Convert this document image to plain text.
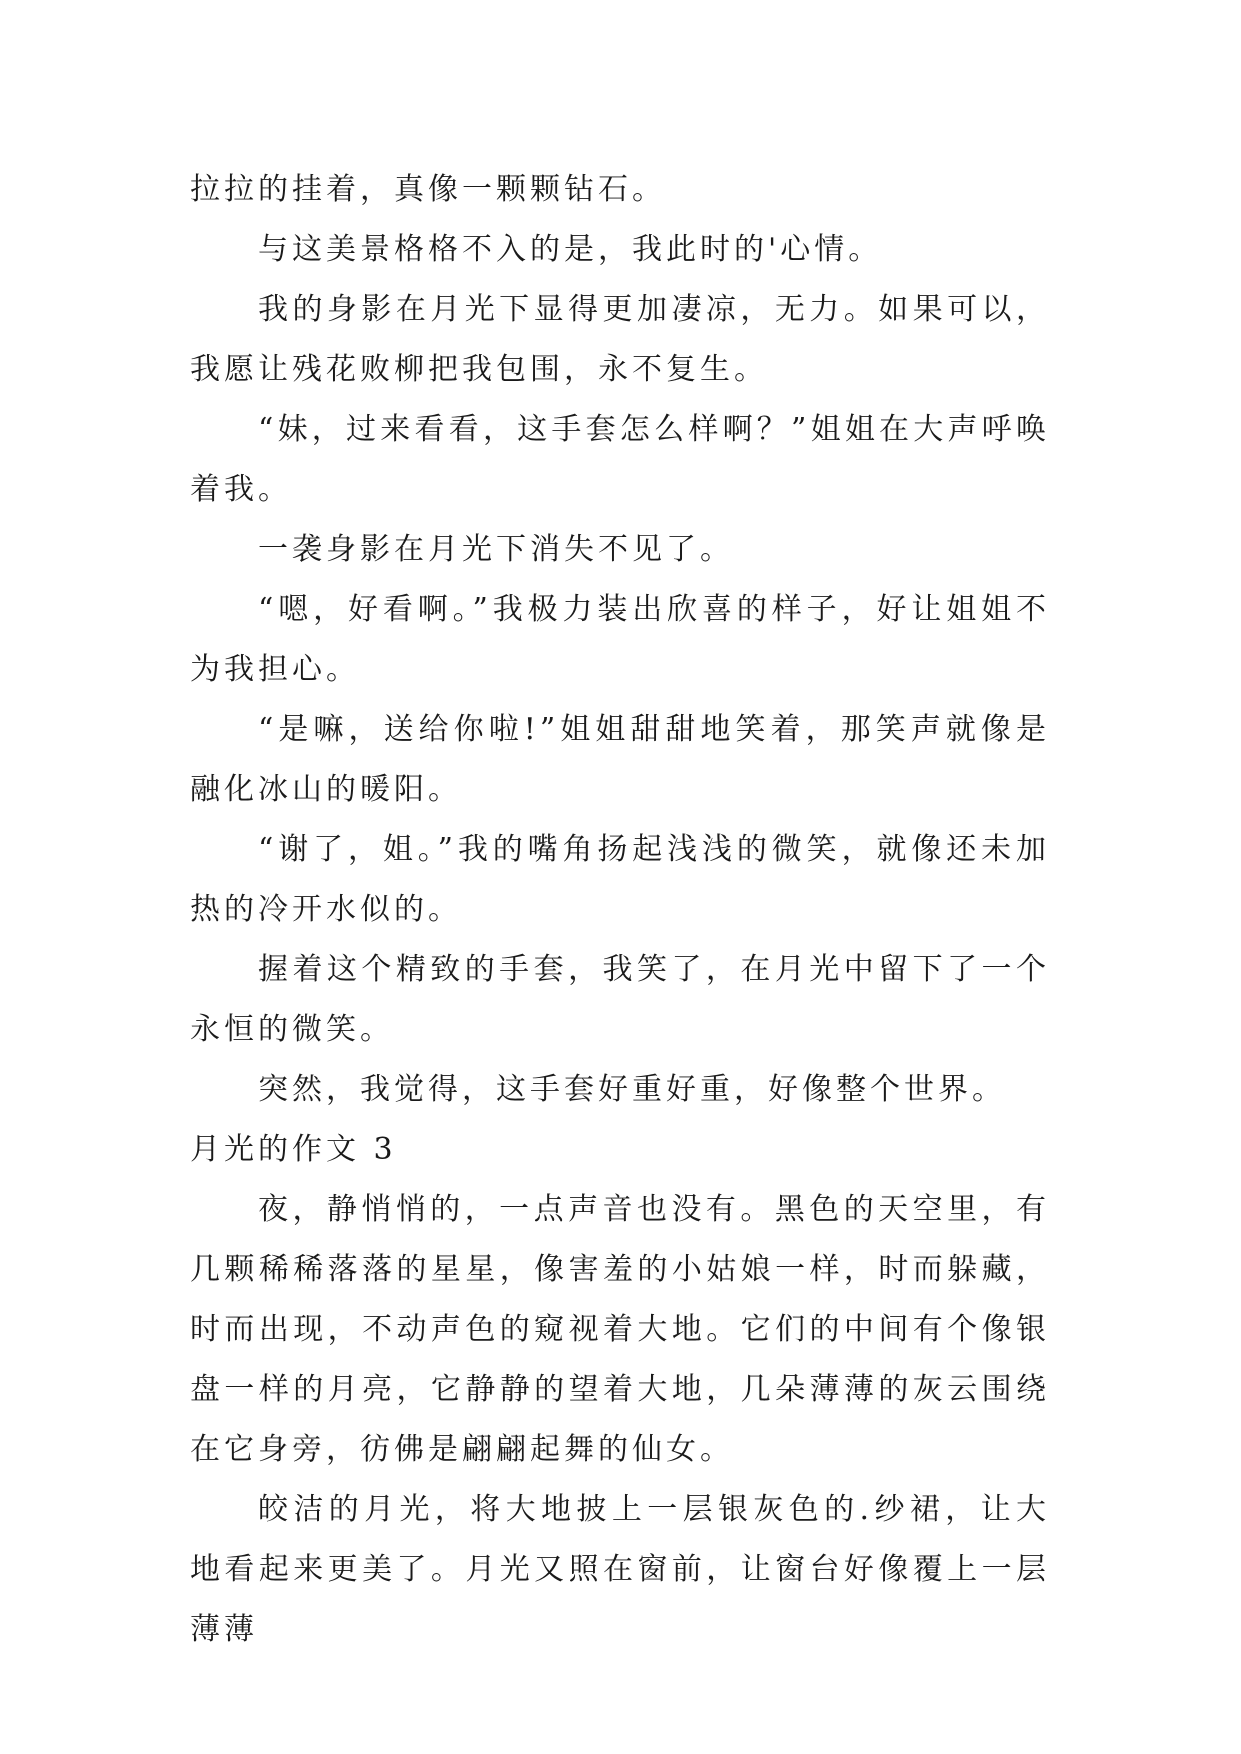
拉拉的挂着，真像一颗颗钻石。

与这美景格格不入的是，我此时的'心情。

我的身影在月光下显得更加凄凉，无力。如果可以，我愿让残花败柳把我包围，永不复生。

“妹，过来看看，这手套怎么样啊？”姐姐在大声呼唤着我。

一袭身影在月光下消失不见了。

“嗯，好看啊。”我极力装出欣喜的样子，好让姐姐不为我担心。

“是嘛，送给你啦!”姐姐甜甜地笑着，那笑声就像是融化冰山的暖阳。

“谢了，姐。”我的嘴角扬起浅浅的微笑，就像还未加热的冷开水似的。

握着这个精致的手套，我笑了，在月光中留下了一个永恒的微笑。

突然，我觉得，这手套好重好重，好像整个世界。

月光的作文 3

夜，静悄悄的，一点声音也没有。黑色的天空里，有几颗稀稀落落的星星，像害羞的小姑娘一样，时而躲藏，时而出现，不动声色的窥视着大地。它们的中间有个像银盘一样的月亮，它静静的望着大地，几朵薄薄的灰云围绕在它身旁，彷佛是翩翩起舞的仙女。

皎洁的月光，将大地披上一层银灰色的.纱裙，让大地看起来更美了。月光又照在窗前，让窗台好像覆上一层薄薄
